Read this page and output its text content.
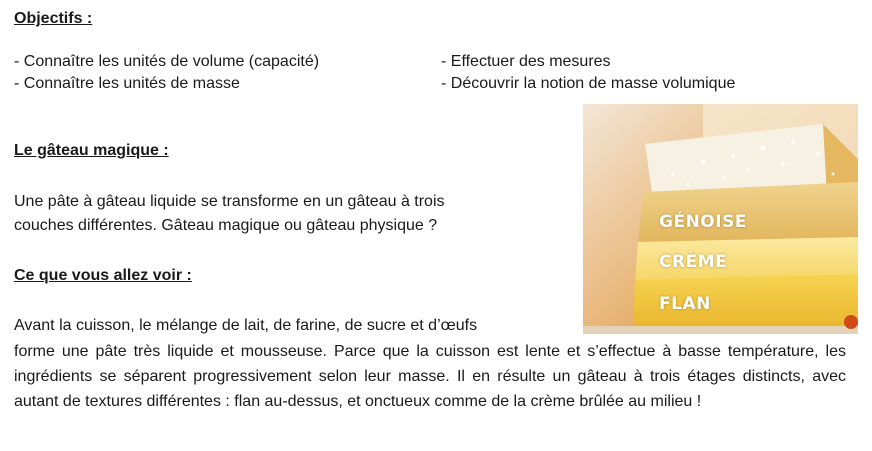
Objectifs :

- Connaître les unités de volume (capacité)

- Connaître les unités de masse

- Effectuer des mesures

- Découvrir la notion de masse volumique

Le gâteau magique :

Une pâte à gâteau liquide se transforme en un gâteau à trois

couches différentes. Gâteau magique ou gâteau physique ?

Ce que vous allez voir :
GÉNOISE
CRÈME
FLAN

Avant la cuisson, le mélange de lait, de farine, de sucre et d’œufs

forme une pâte très liquide et mousseuse. Parce que la cuisson est lente et s’effectue à basse température, les ingrédients se séparent progressivement selon leur masse. Il en résulte un gâteau à trois étages distincts, avec autant de textures différentes : flan au-dessus, et onctueux comme de la crème brûlée au milieu !
